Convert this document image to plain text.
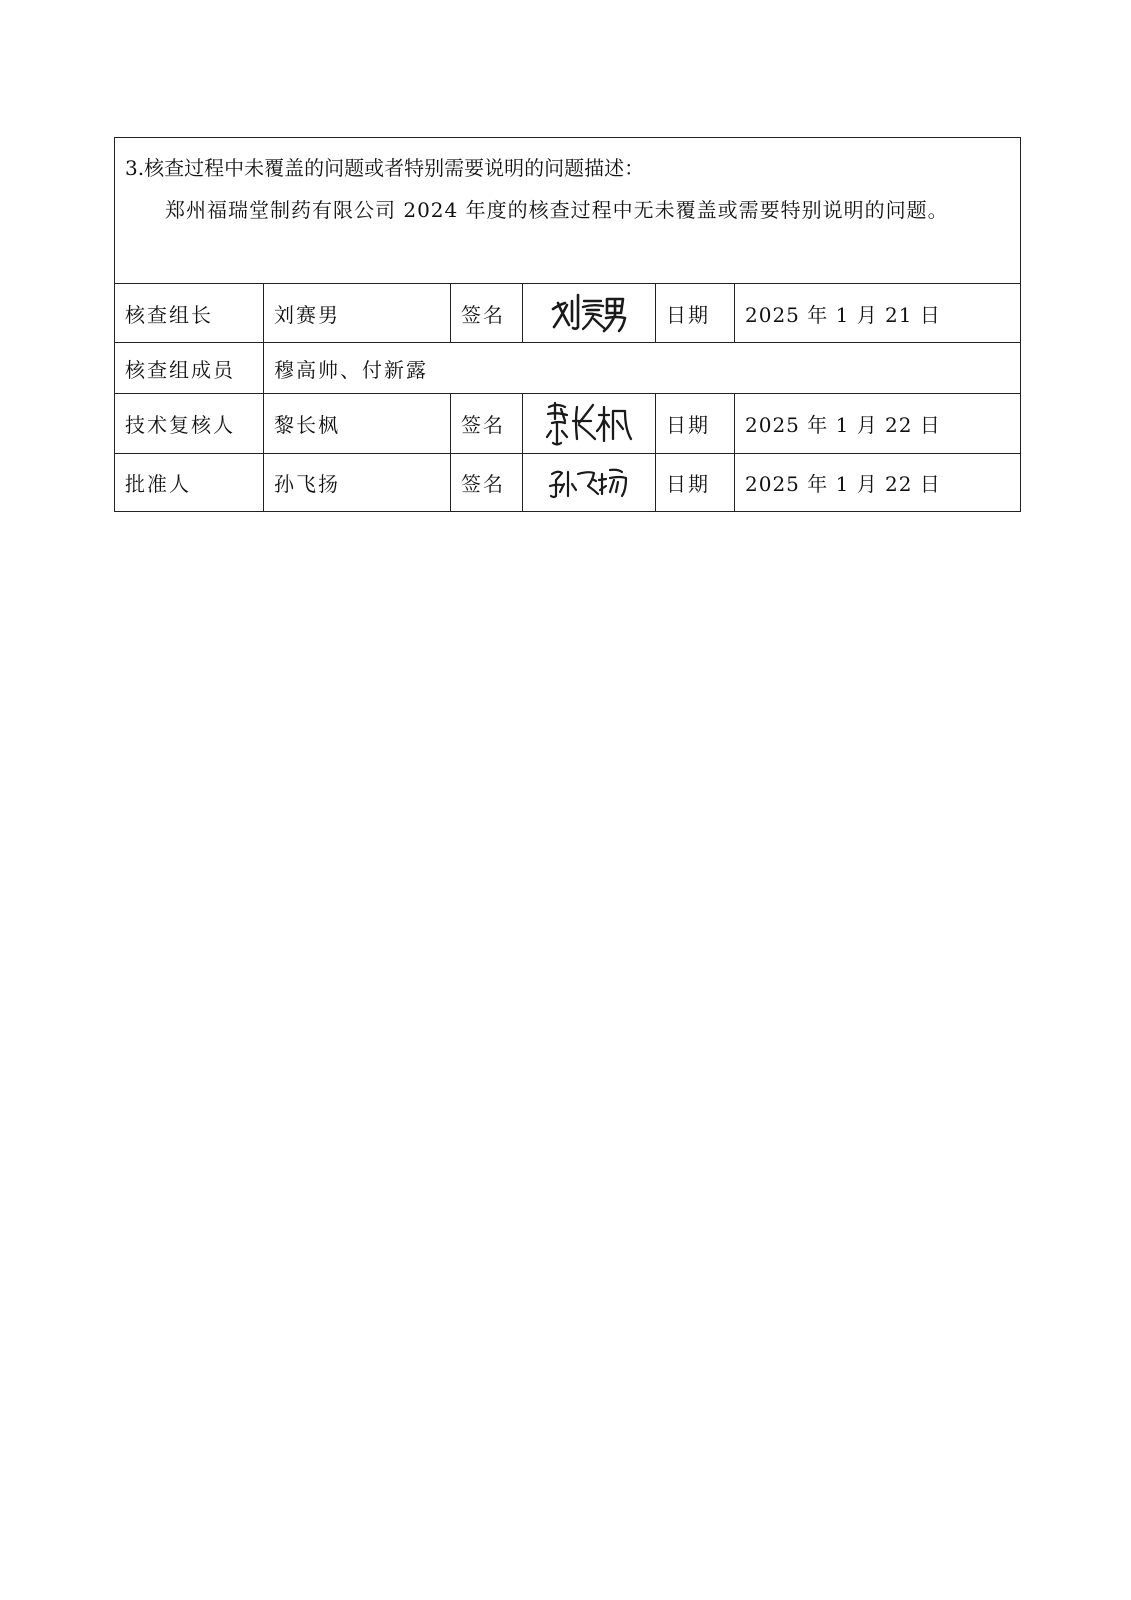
3.核查过程中未覆盖的问题或者特别需要说明的问题描述：
郑州福瑞堂制药有限公司 2024 年度的核查过程中无未覆盖或需要特别说明的问题。					

核查组长	刘赛男	签名		日期	2025 年 1 月 21 日
核查组成员	穆高帅、付新露				
技术复核人	黎长枫	签名		日期	2025 年 1 月 22 日
批准人	孙飞扬	签名		日期	2025 年 1 月 22 日
